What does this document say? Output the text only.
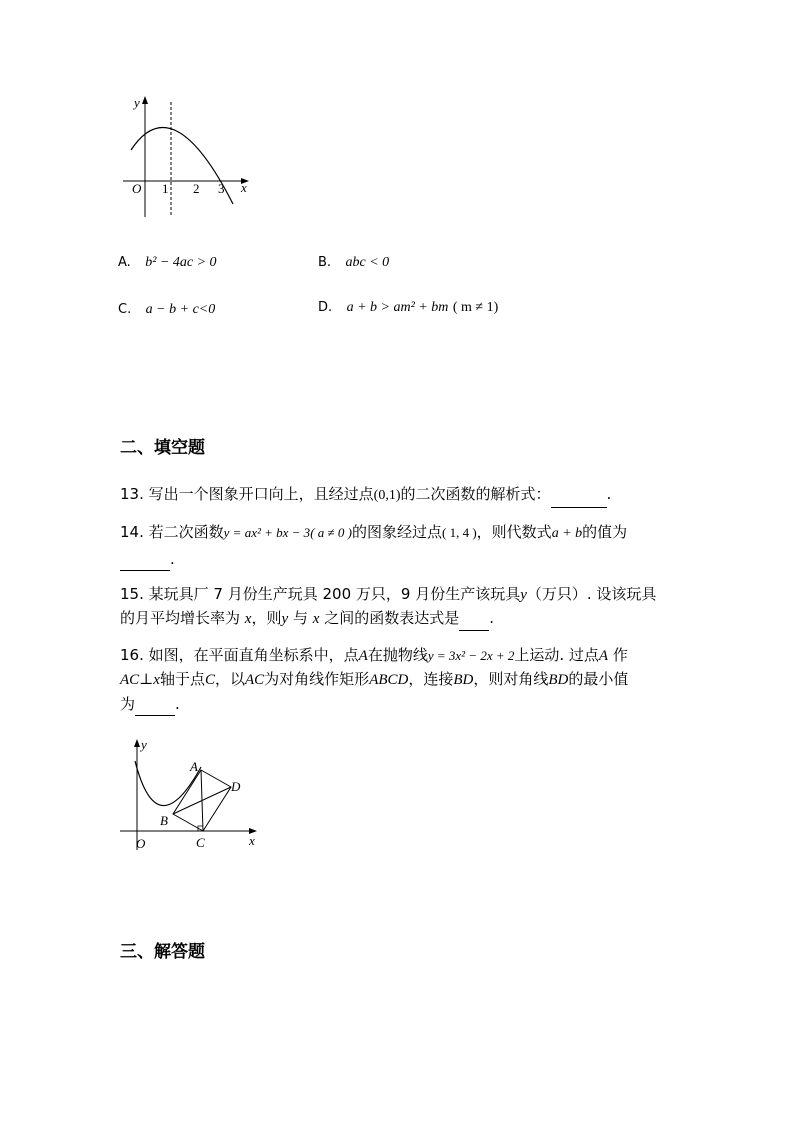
y
x
O 1 2 3
A. b² − 4ac > 0	B. abc < 0
C. a − b + c<0	D. a + b > am² + bm ( m ≠ 1)
二、填空题
13. 写出一个图象开口向上，且经过点(0,1)的二次函数的解析式：	.
14. 若二次函数y = ax² + bx − 3( a ≠ 0 )的图象经过点( 1, 4 )，则代数式a + b的值为
.
15. 某玩具厂 7 月份生产玩具 200 万只，9 月份生产该玩具y（万只）. 设该玩具
的月平均增长率为 x，则y 与 x 之间的函数表达式是 .
16. 如图，在平面直角坐标系中，点A在抛物线y = 3x² − 2x + 2上运动. 过点A 作
AC⊥x轴于点C，以AC为对角线作矩形ABCD，连接BD，则对角线BD的最小值
为	.
y
x
O
A
B
C
D
三、解答题
